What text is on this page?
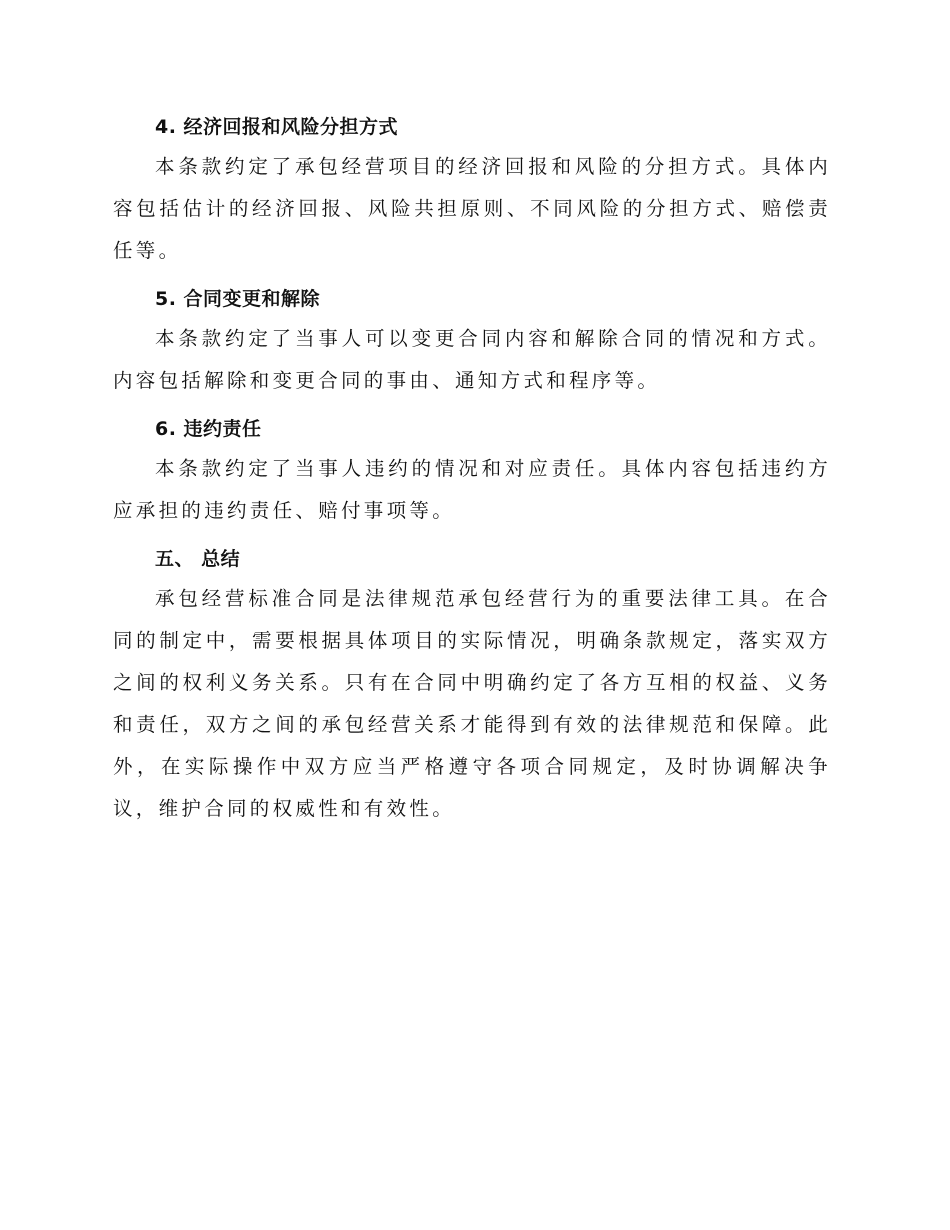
4. 经济回报和风险分担方式

本条款约定了承包经营项目的经济回报和风险的分担方式。具体内容包括估计的经济回报、风险共担原则、不同风险的分担方式、赔偿责任等。

5. 合同变更和解除

本条款约定了当事人可以变更合同内容和解除合同的情况和方式。内容包括解除和变更合同的事由、通知方式和程序等。

6. 违约责任

本条款约定了当事人违约的情况和对应责任。具体内容包括违约方应承担的违约责任、赔付事项等。

五、 总结

承包经营标准合同是法律规范承包经营行为的重要法律工具。在合同的制定中，需要根据具体项目的实际情况，明确条款规定，落实双方之间的权利义务关系。只有在合同中明确约定了各方互相的权益、义务和责任，双方之间的承包经营关系才能得到有效的法律规范和保障。此外，在实际操作中双方应当严格遵守各项合同规定，及时协调解决争议，维护合同的权威性和有效性。
